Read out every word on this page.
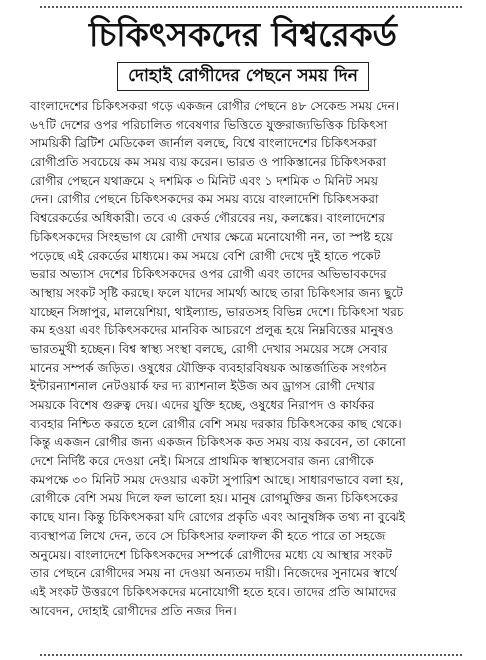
চিকিৎসকদের বিশ্বরেকর্ড
দোহাই রোগীদের পেছনে সময় দিন
বাংলাদেশের চিকিৎসকরা গড়ে একজন রোগীর পেছনে ৪৮ সেকেন্ড সময় দেন।
৬৭টি দেশের ওপর পরিচালিত গবেষণার ভিত্তিতে যুক্তরাজ্যভিত্তিক চিকিৎসা
সাময়িকী ব্রিটিশ মেডিকেল জার্নাল বলছে, বিশ্বে বাংলাদেশের চিকিৎসকরা
রোগীপ্রতি সবচেয়ে কম সময় ব্যয় করেন। ভারত ও পাকিস্তানের চিকিৎসকরা
রোগীর পেছনে যথাক্রমে ২ দশমিক ৩ মিনিট এবং ১ দশমিক ৩ মিনিট সময়
দেন। রোগীর পেছনে চিকিৎসকদের কম সময় ব্যয়ে বাংলাদেশি চিকিৎসকরা
বিশ্বরেকর্ডের অধিকারী। তবে এ রেকর্ড গৌরবের নয়, কলঙ্কের। বাংলাদেশের
চিকিৎসকদের সিংহভাগ যে রোগী দেখার ক্ষেত্রে মনোযোগী নন, তা স্পষ্ট হয়ে
পড়েছে এই রেকর্ডের মাধ্যমে। কম সময়ে বেশি রোগী দেখে দুই হাতে পকেট
ভরার অভ্যাস দেশের চিকিৎসকদের ওপর রোগী এবং তাদের অভিভাবকদের
আস্থায় সংকট সৃষ্টি করছে। ফলে যাদের সামর্থ্য আছে তারা চিকিৎসার জন্য ছুটে
যাচ্ছেন সিঙ্গাপুর, মালয়েশিয়া, থাইল্যান্ড, ভারতসহ বিভিন্ন দেশে। চিকিৎসা খরচ
কম হওয়া এবং চিকিৎসকদের মানবিক আচরণে প্রলুব্ধ হয়ে নিম্নবিত্তের মানুষও
ভারতমুখী হচ্ছেন। বিশ্ব স্বাস্থ্য সংস্থা বলছে, রোগী দেখার সময়ের সঙ্গে সেবার
মানের সম্পর্ক জড়িত। ওষুধের যৌক্তিক ব্যবহারবিষয়ক আন্তর্জাতিক সংগঠন
ইন্টারন্যাশনাল নেটওয়ার্ক ফর দ্য র‍্যাশনাল ইউজ অব ড্রাগস রোগী দেখার
সময়কে বিশেষ গুরুত্ব দেয়। এদের যুক্তি হচ্ছে, ওষুধের নিরাপদ ও কার্যকর
ব্যবহার নিশ্চিত করতে হলে রোগীর বেশি সময় দরকার চিকিৎসকের কাছ থেকে।
কিন্তু একজন রোগীর জন্য একজন চিকিৎসক কত সময় ব্যয় করবেন, তা কোনো
দেশে নির্দিষ্ট করে দেওয়া নেই। মিসরে প্রাথমিক স্বাস্থ্যসেবার জন্য রোগীকে
কমপক্ষে ৩০ মিনিট সময় দেওয়ার একটা সুপারিশ আছে। সাধারণভাবে বলা হয়,
রোগীকে বেশি সময় দিলে ফল ভালো হয়। মানুষ রোগমুক্তির জন্য চিকিৎসকের
কাছে যান। কিন্তু চিকিৎসকরা যদি রোগের প্রকৃতি এবং আনুষঙ্গিক তথ্য না বুঝেই
ব্যবস্থাপত্র লিখে দেন, তবে সে চিকিৎসার ফলাফল কী হতে পারে তা সহজে
অনুমেয়। বাংলাদেশে চিকিৎসকদের সম্পর্কে রোগীদের মধ্যে যে আস্থার সংকট
তার পেছনে রোগীদের সময় না দেওয়া অন্যতম দায়ী। নিজেদের সুনামের স্বার্থে
এই সংকট উত্তরণে চিকিৎসকদের মনোযোগী হতে হবে। তাদের প্রতি আমাদের
আবেদন, দোহাই রোগীদের প্রতি নজর দিন।
